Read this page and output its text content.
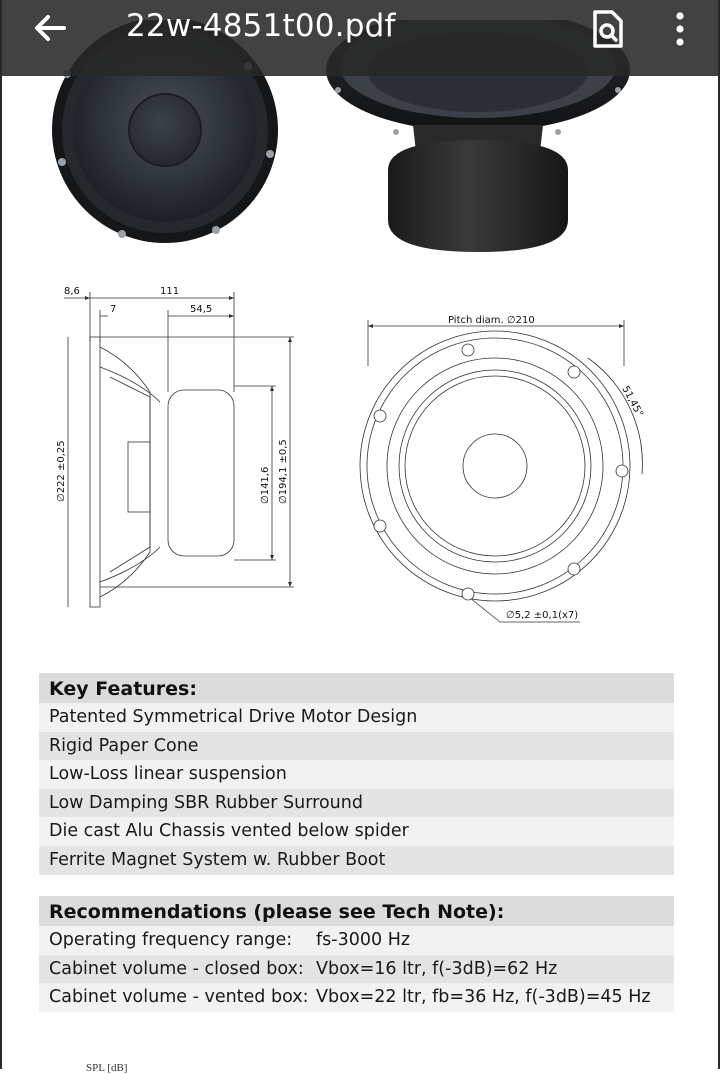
22w-4851t00.pdf
8,6	111
7	54,5
∅222 ±0,25	∅141,6 ∅194,1 ±0,5
Pitch diam. ∅210
51,45°
∅5,2 ±0,1(x7)
Key Features:
Patented Symmetrical Drive Motor Design
Rigid Paper Cone
Low-Loss linear suspension
Low Damping SBR Rubber Surround
Die cast Alu Chassis vented below spider
Ferrite Magnet System w. Rubber Boot
Recommendations (please see Tech Note):
Operating frequency range: fs-3000 Hz
Cabinet volume - closed box: Vbox=16 ltr, f(-3dB)=62 Hz
Cabinet volume - vented box: Vbox=22 ltr, fb=36 Hz, f(-3dB)=45 Hz
SPL [dB]
